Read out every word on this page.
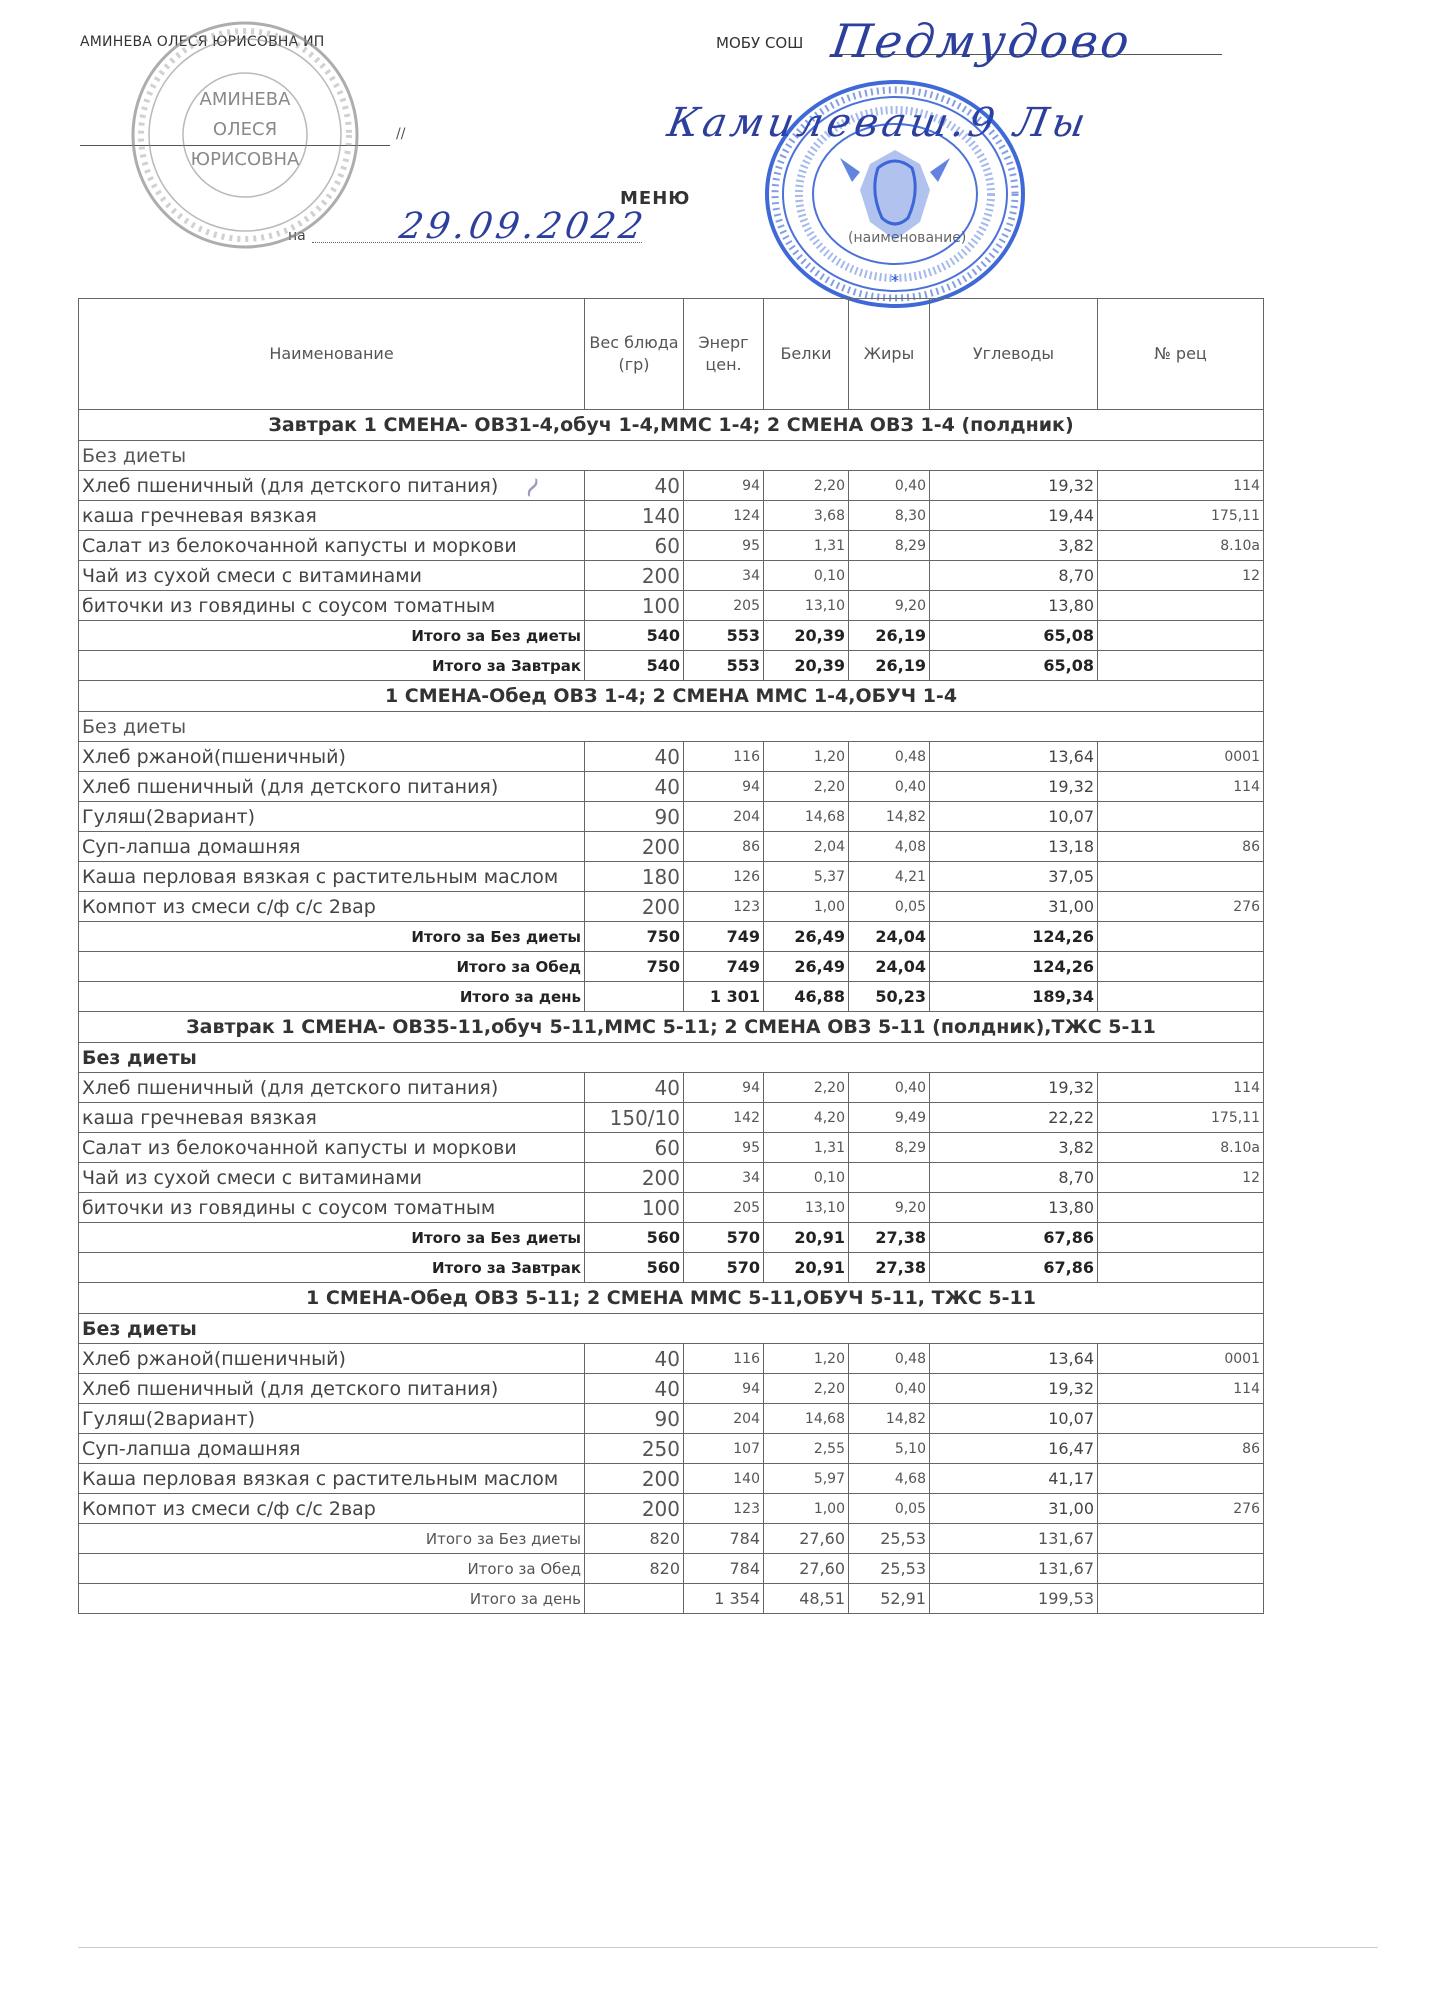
АМИНЕВА ОЛЕСЯ ЮРИСОВНА ИП
//
МОБУ СОШ Педмудово
Камилеваш.9 Лы
МЕНЮ
на	29.09.2022	(наименование)
АМИНЕВА
ОЛЕСЯ
ЮРИСОВНА
*
~
Наименование	Вес блюда (гр)	Энерг цен.	Белки	Жиры	Углеводы	№ рец
Завтрак 1 СМЕНА- ОВЗ1-4,обуч 1-4,ММС 1-4; 2 СМЕНА ОВЗ 1-4 (полдник)						
Без диеты						
Хлеб пшеничный (для детского питания)	40	94	2,20	0,40	19,32	114
каша гречневая вязкая	140	124	3,68	8,30	19,44	175,11
Салат из белокочанной капусты и моркови	60	95	1,31	8,29	3,82	8.10а
Чай из сухой смеси с витаминами	200	34	0,10		8,70	12
биточки из говядины с соусом томатным	100	205	13,10	9,20	13,80	
Итого за Без диеты	540	553	20,39	26,19	65,08	
Итого за Завтрак	540	553	20,39	26,19	65,08	
1 СМЕНА-Обед ОВЗ 1-4; 2 СМЕНА ММС 1-4,ОБУЧ 1-4						
Без диеты						
Хлеб ржаной(пшеничный)	40	116	1,20	0,48	13,64	0001
Хлеб пшеничный (для детского питания)	40	94	2,20	0,40	19,32	114
Гуляш(2вариант)	90	204	14,68	14,82	10,07	
Суп-лапша домашняя	200	86	2,04	4,08	13,18	86
Каша перловая вязкая с растительным маслом	180	126	5,37	4,21	37,05	
Компот из смеси с/ф с/с 2вар	200	123	1,00	0,05	31,00	276
Итого за Без диеты	750	749	26,49	24,04	124,26	
Итого за Обед	750	749	26,49	24,04	124,26	
Итого за день		1 301	46,88	50,23	189,34	
Завтрак 1 СМЕНА- ОВЗ5-11,обуч 5-11,ММС 5-11; 2 СМЕНА ОВЗ 5-11 (полдник),ТЖС 5-11						
Без диеты						
Хлеб пшеничный (для детского питания)	40	94	2,20	0,40	19,32	114
каша гречневая вязкая	150/10	142	4,20	9,49	22,22	175,11
Салат из белокочанной капусты и моркови	60	95	1,31	8,29	3,82	8.10а
Чай из сухой смеси с витаминами	200	34	0,10		8,70	12
биточки из говядины с соусом томатным	100	205	13,10	9,20	13,80	
Итого за Без диеты	560	570	20,91	27,38	67,86	
Итого за Завтрак	560	570	20,91	27,38	67,86	
1 СМЕНА-Обед ОВЗ 5-11; 2 СМЕНА ММС 5-11,ОБУЧ 5-11, ТЖС 5-11						
Без диеты						
Хлеб ржаной(пшеничный)	40	116	1,20	0,48	13,64	0001
Хлеб пшеничный (для детского питания)	40	94	2,20	0,40	19,32	114
Гуляш(2вариант)	90	204	14,68	14,82	10,07	
Суп-лапша домашняя	250	107	2,55	5,10	16,47	86
Каша перловая вязкая с растительным маслом	200	140	5,97	4,68	41,17	
Компот из смеси с/ф с/с 2вар	200	123	1,00	0,05	31,00	276
Итого за Без диеты	820	784	27,60	25,53	131,67	
Итого за Обед	820	784	27,60	25,53	131,67	
Итого за день		1 354	48,51	52,91	199,53	
